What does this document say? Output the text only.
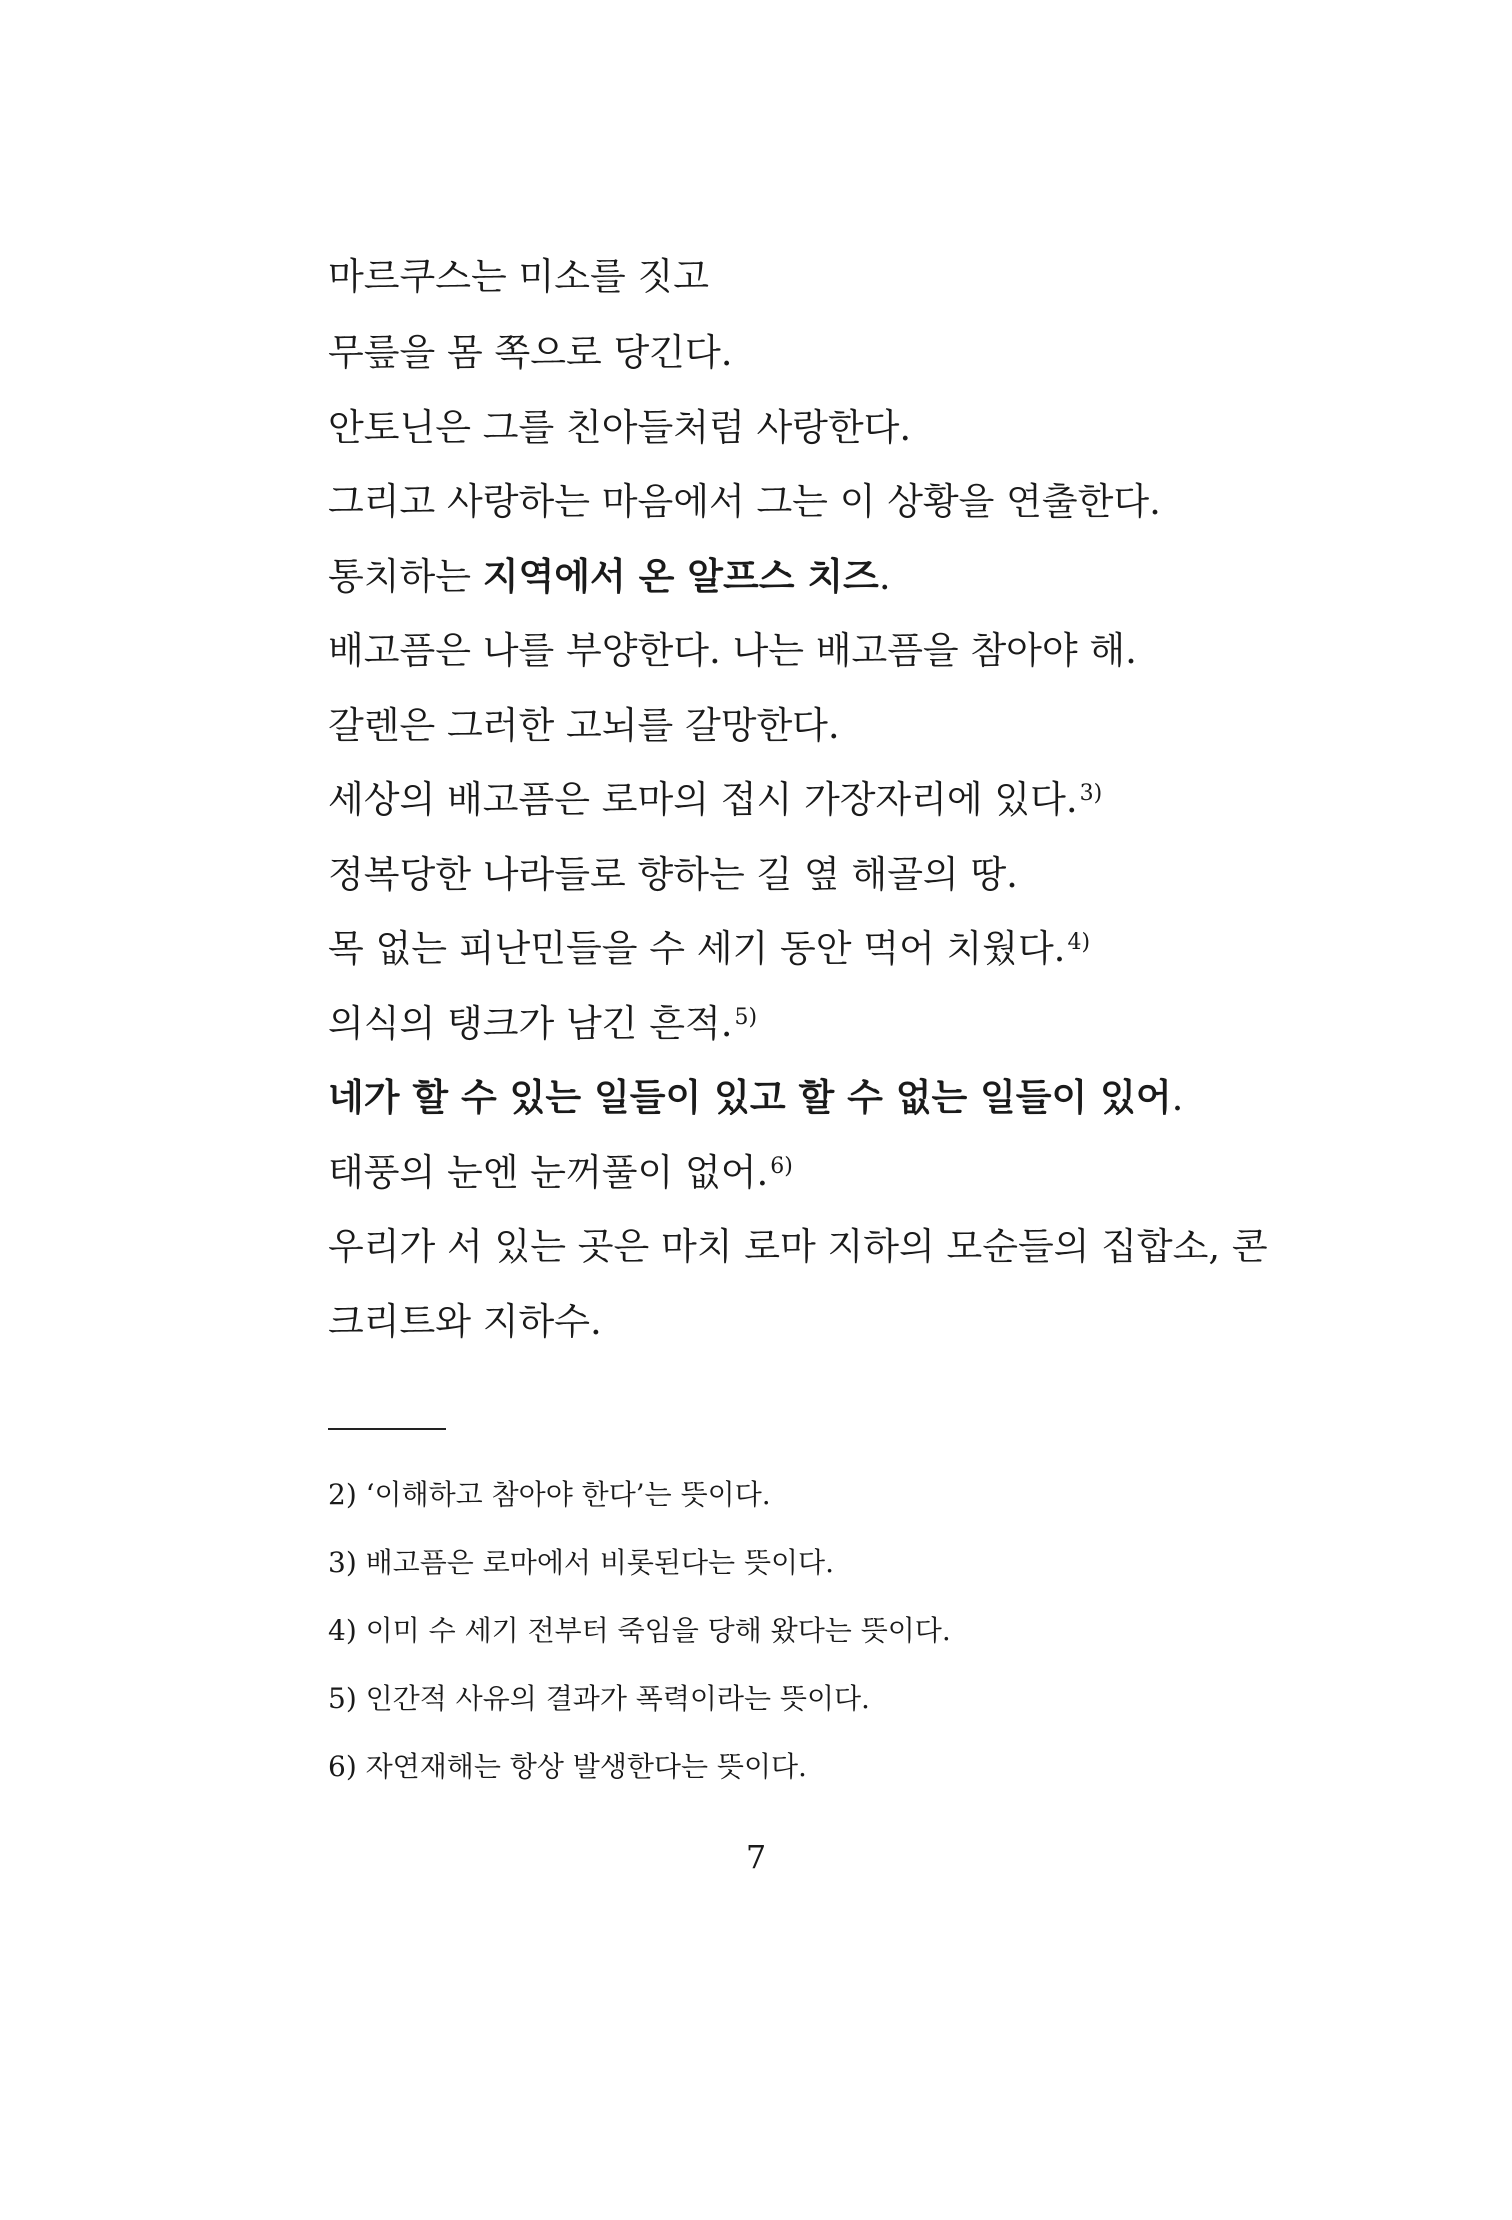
마르쿠스는 미소를 짓고
무릎을 몸 쪽으로 당긴다.
안토닌은 그를 친아들처럼 사랑한다.
그리고 사랑하는 마음에서 그는 이 상황을 연출한다.
통치하는 지역에서 온 알프스 치즈.
배고픔은 나를 부양한다. 나는 배고픔을 참아야 해.
갈렌은 그러한 고뇌를 갈망한다.
세상의 배고픔은 로마의 접시 가장자리에 있다.$^{3)}$
정복당한 나라들로 향하는 길 옆 해골의 땅.
목 없는 피난민들을 수 세기 동안 먹어 치웠다.$^{4)}$
의식의 탱크가 남긴 흔적.$^{5)}$
네가 할 수 있는 일들이 있고 할 수 없는 일들이 있어.
태풍의 눈엔 눈꺼풀이 없어.$^{6)}$
우리가 서 있는 곳은 마치 로마 지하의 모순들의 집합소, 콘
크리트와 지하수.
2) ‘이해하고 참아야 한다’는 뜻이다.
3) 배고픔은 로마에서 비롯된다는 뜻이다.
4) 이미 수 세기 전부터 죽임을 당해 왔다는 뜻이다.
5) 인간적 사유의 결과가 폭력이라는 뜻이다.
6) 자연재해는 항상 발생한다는 뜻이다.
7
